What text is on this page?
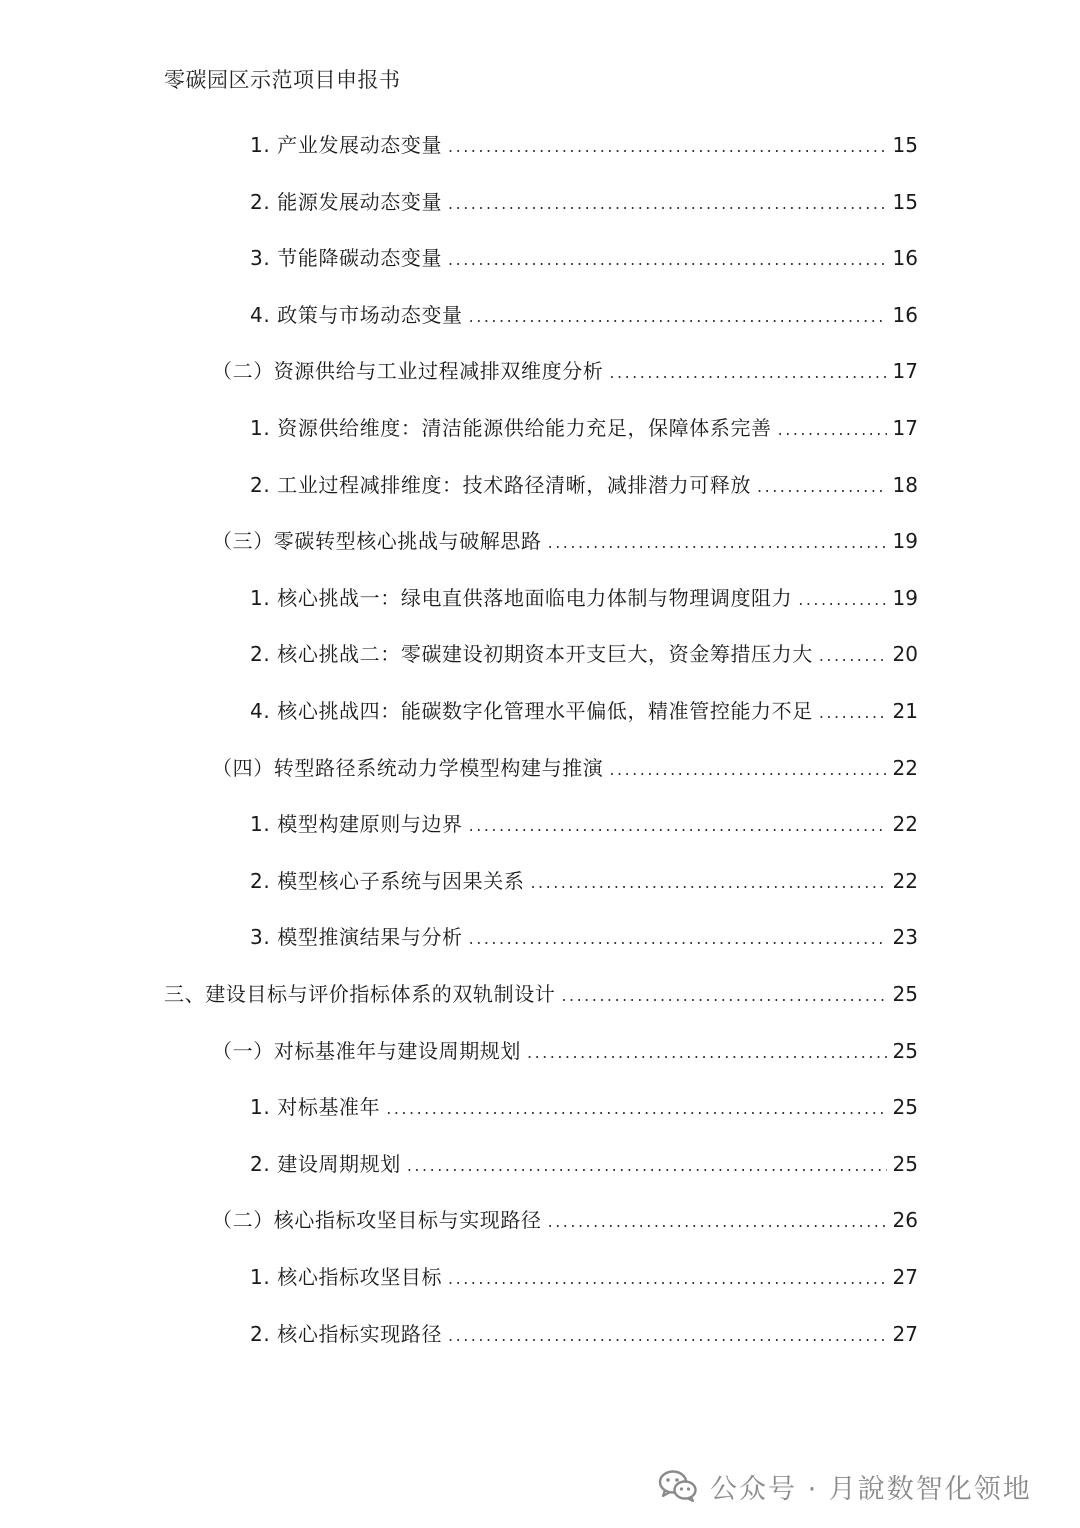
零碳园区示范项目申报书
1. 产业发展动态变量 .....	15
2. 能源发展动态变量 .....	15
3. 节能降碳动态变量 .....	16
4. 政策与市场动态变量 .....	16
（二）资源供给与工业过程减排双维度分析 .....	17
1. 资源供给维度：清洁能源供给能力充足，保障体系完善 .....	17
2. 工业过程减排维度：技术路径清晰，减排潜力可释放 .....	18
（三）零碳转型核心挑战与破解思路 .....	19
1. 核心挑战一：绿电直供落地面临电力体制与物理调度阻力 .....	19
2. 核心挑战二：零碳建设初期资本开支巨大，资金筹措压力大 .....	20
4. 核心挑战四：能碳数字化管理水平偏低，精准管控能力不足 .....	21
（四）转型路径系统动力学模型构建与推演 .....	22
1. 模型构建原则与边界 .....	22
2. 模型核心子系统与因果关系 .....	22
3. 模型推演结果与分析 .....	23
三、建设目标与评价指标体系的双轨制设计 .....	25
（一）对标基准年与建设周期规划 .....	25
1. 对标基准年 .....	25
2. 建设周期规划 .....	25
（二）核心指标攻坚目标与实现路径 .....	26
1. 核心指标攻坚目标 .....	27
2. 核心指标实现路径 .....	27
公众号 · 月說数智化领地
